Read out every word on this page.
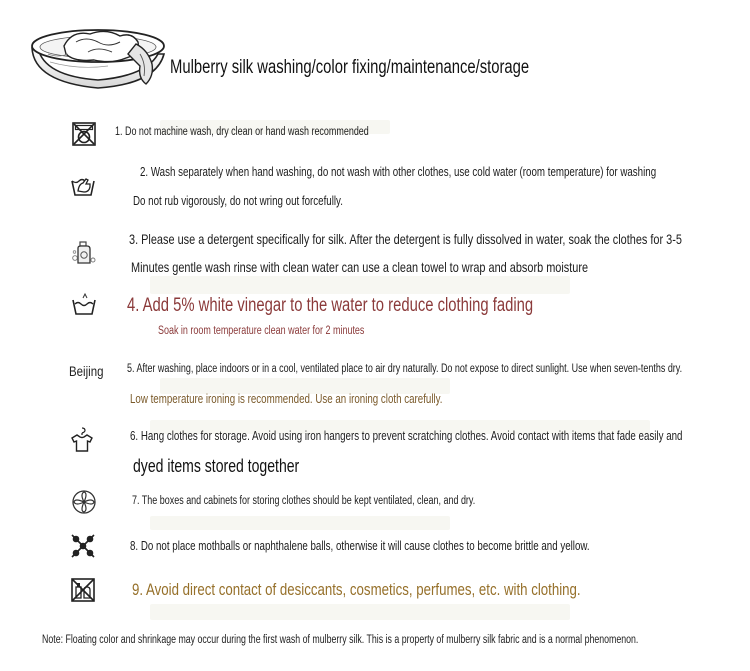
Mulberry silk washing/color fixing/maintenance/storage
1. Do not machine wash, dry clean or hand wash recommended
2. Wash separately when hand washing, do not wash with other clothes, use cold water (room temperature) for washing
Do not rub vigorously, do not wring out forcefully.
3. Please use a detergent specifically for silk. After the detergent is fully dissolved in water, soak the clothes for 3-5
Minutes gentle wash rinse with clean water can use a clean towel to wrap and absorb moisture
4. Add 5% white vinegar to the water to reduce clothing fading
Soak in room temperature clean water for 2 minutes
Beijing 5. After washing, place indoors or in a cool, ventilated place to air dry naturally. Do not expose to direct sunlight. Use when seven-tenths dry.
Low temperature ironing is recommended. Use an ironing cloth carefully.
6. Hang clothes for storage. Avoid using iron hangers to prevent scratching clothes. Avoid contact with items that fade easily and
dyed items stored together
7. The boxes and cabinets for storing clothes should be kept ventilated, clean, and dry.
8. Do not place mothballs or naphthalene balls, otherwise it will cause clothes to become brittle and yellow.
9. Avoid direct contact of desiccants, cosmetics, perfumes, etc. with clothing.
Note: Floating color and shrinkage may occur during the first wash of mulberry silk. This is a property of mulberry silk fabric and is a normal phenomenon.
